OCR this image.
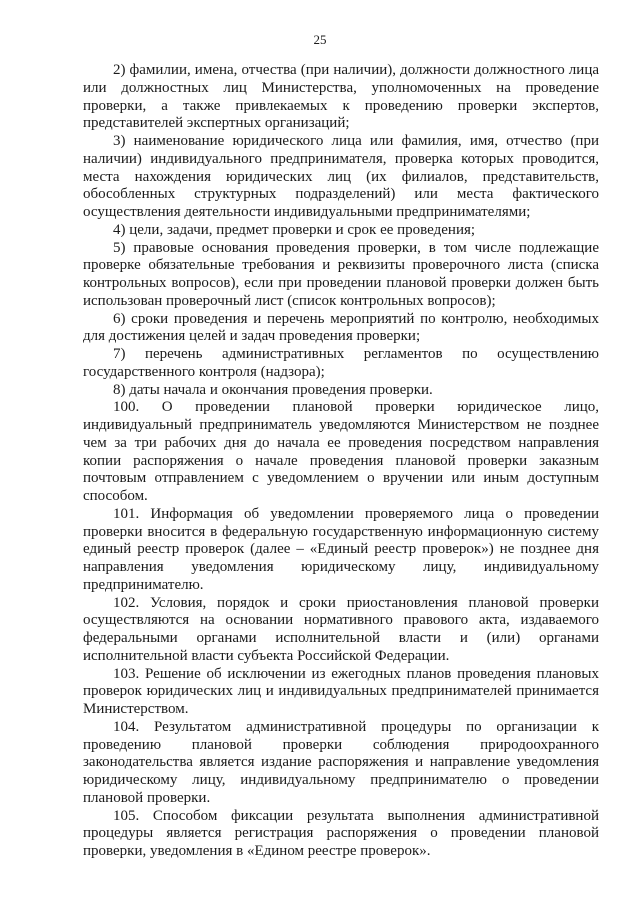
25

2) фамилии, имена, отчества (при наличии), должности должностного лица или должностных лиц Министерства, уполномоченных на проведение проверки, а также привлекаемых к проведению проверки экспертов, представителей экспертных организаций;

3) наименование юридического лица или фамилия, имя, отчество (при наличии) индивидуального предпринимателя, проверка которых проводится, места нахождения юридических лиц (их филиалов, представительств, обособленных структурных подразделений) или места фактического осуществления деятельности индивидуальными предпринимателями;

4) цели, задачи, предмет проверки и срок ее проведения;

5) правовые основания проведения проверки, в том числе подлежащие проверке обязательные требования и реквизиты проверочного листа (списка контрольных вопросов), если при проведении плановой проверки должен быть использован проверочный лист (список контрольных вопросов);

6) сроки проведения и перечень мероприятий по контролю, необходимых для достижения целей и задач проведения проверки;

7) перечень административных регламентов по осуществлению государственного контроля (надзора);

8) даты начала и окончания проведения проверки.

100. О проведении плановой проверки юридическое лицо, индивидуальный предприниматель уведомляются Министерством не позднее чем за три рабочих дня до начала ее проведения посредством направления копии распоряжения о начале проведения плановой проверки заказным почтовым отправлением с уведомлением о вручении или иным доступным способом.

101. Информация об уведомлении проверяемого лица о проведении проверки вносится в федеральную государственную информационную систему единый реестр проверок (далее – «Единый реестр проверок») не позднее дня направления уведомления юридическому лицу, индивидуальному предпринимателю.

102. Условия, порядок и сроки приостановления плановой проверки осуществляются на основании нормативного правового акта, издаваемого федеральными органами исполнительной власти и (или) органами исполнительной власти субъекта Российской Федерации.

103. Решение об исключении из ежегодных планов проведения плановых проверок юридических лиц и индивидуальных предпринимателей принимается Министерством.

104. Результатом административной процедуры по организации к проведению плановой проверки соблюдения природоохранного законодательства является издание распоряжения и направление уведомления юридическому лицу, индивидуальному предпринимателю о проведении плановой проверки.

105. Способом фиксации результата выполнения административной процедуры является регистрация распоряжения о проведении плановой проверки, уведомления в «Едином реестре проверок».
